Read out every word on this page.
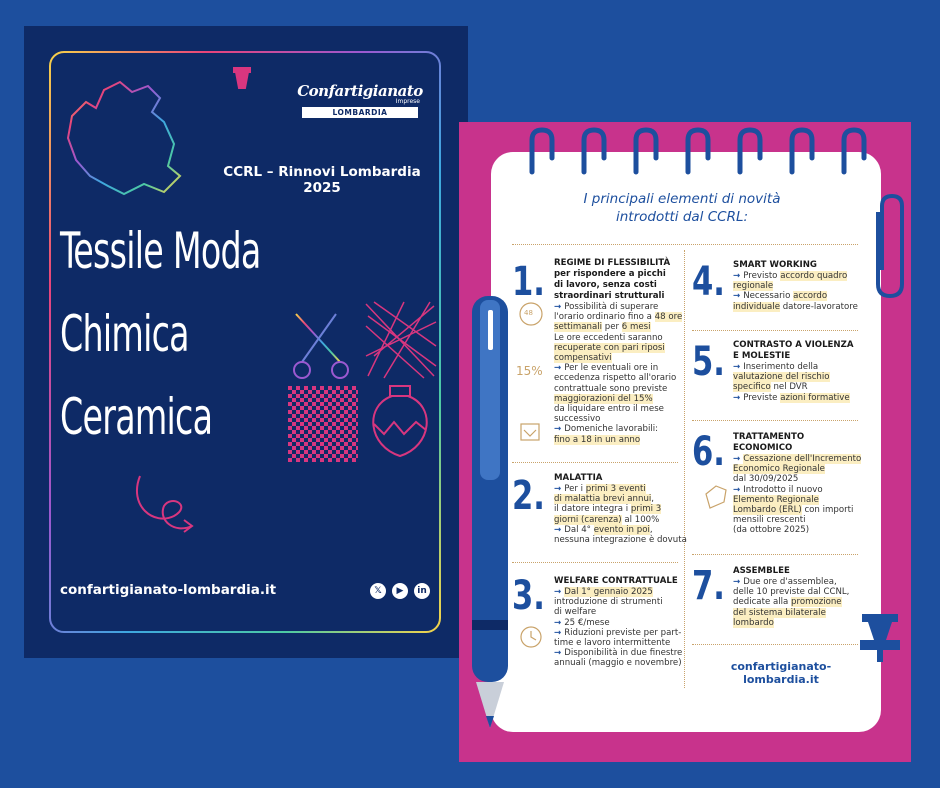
Confartigianato
Imprese
LOMBARDIA
CCRL – Rinnovi Lombardia 2025
Tessile Moda
Chimica
Ceramica
confartigianato-lombardia.it	𝕏	▶	in
I principali elementi di novità
introdotti dal CCRL:
48
15%
1. REGIME DI FLESSIBILITÀ
per rispondere a picchi
di lavoro, senza costi
straordinari strutturali
→ Possibilità di superare
l'orario ordinario fino a 48 ore
settimanali per 6 mesi
Le ore eccedenti saranno
recuperate con pari riposi
compensativi
→ Per le eventuali ore in
eccedenza rispetto all'orario
contrattuale sono previste
maggiorazioni del 15%
da liquidare entro il mese
successivo
→ Domeniche lavorabili:
fino a 18 in un anno
2. MALATTIA
→ Per i primi 3 eventi
di malattia brevi annui,
il datore integra i primi 3
giorni (carenza) al 100%
→ Dal 4° evento in poi,
nessuna integrazione è dovuta
3. WELFARE CONTRATTUALE
→ Dal 1° gennaio 2025
introduzione di strumenti
di welfare
→ 25 €/mese
→ Riduzioni previste per part-
time e lavoro intermittente
→ Disponibilità in due finestre
annuali (maggio e novembre)
4. SMART WORKING
→ Previsto accordo quadro
regionale
→ Necessario accordo
individuale datore-lavoratore
5. CONTRASTO A VIOLENZA
E MOLESTIE
→ Inserimento della
valutazione del rischio
specifico nel DVR
→ Previste azioni formative
6. TRATTAMENTO
ECONOMICO
→ Cessazione dell'Incremento
Economico Regionale
dal 30/09/2025
→ Introdotto il nuovo
Elemento Regionale
Lombardo (ERL) con importi
mensili crescenti
(da ottobre 2025)
7. ASSEMBLEE
→ Due ore d'assemblea,
delle 10 previste dal CCNL,
dedicate alla promozione
del sistema bilaterale
lombardo
confartigianato-lombardia.it
